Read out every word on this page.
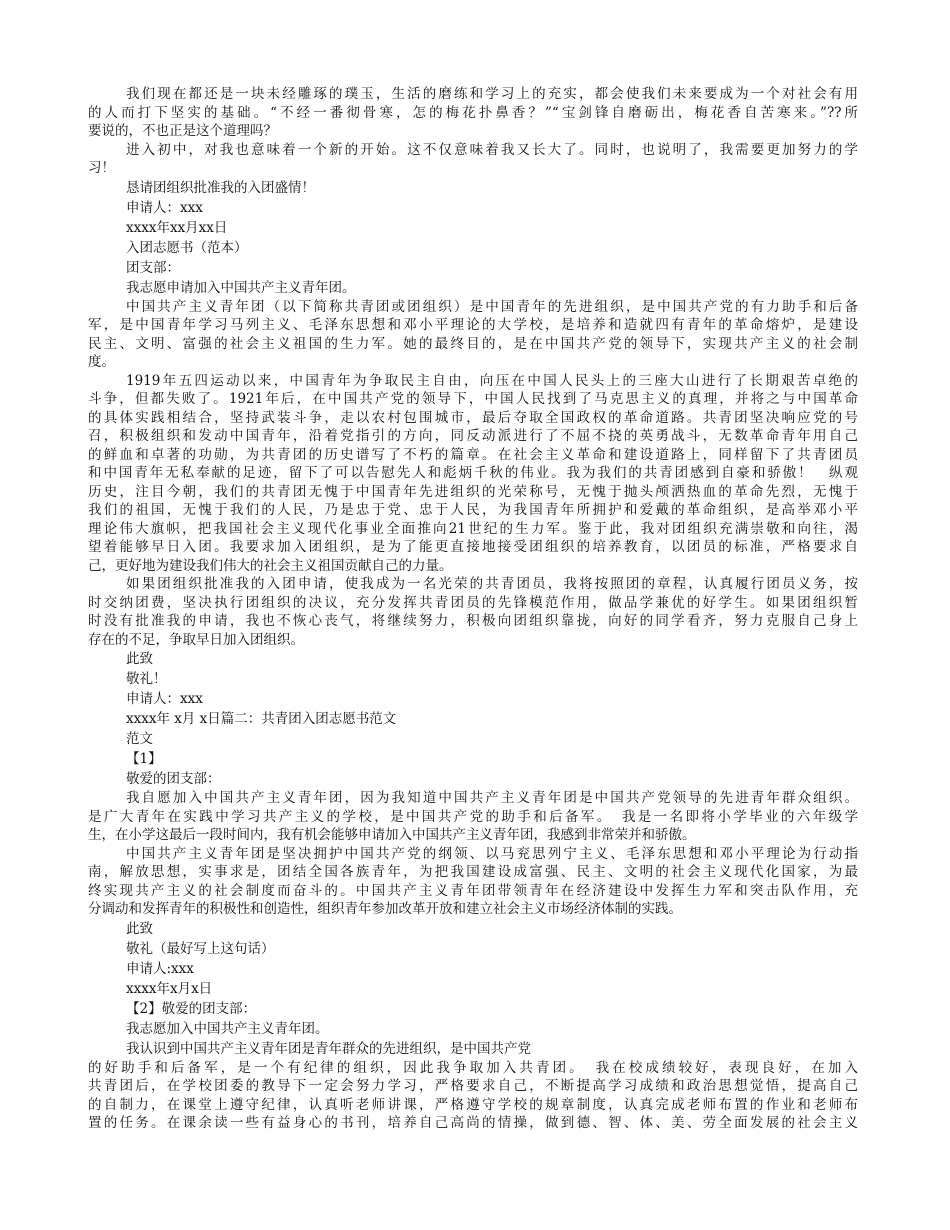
我们现在都还是一块未经雕琢的璞玉，生活的磨练和学习上的充实，都会使我们未来要成为一个对社会有用
的人而打下坚实的基础。“不经一番彻骨寒，怎的梅花扑鼻香？”“宝剑锋自磨砺出，梅花香自苦寒来。”??所
要说的，不也正是这个道理吗？
进入初中，对我也意味着一个新的开始。这不仅意味着我又长大了。同时，也说明了，我需要更加努力的学
习！
恳请团组织批准我的入团盛情！
申请人：xxx
xxxx年xx月xx日
入团志愿书（范本）
团支部：
我志愿申请加入中国共产主义青年团。
中国共产主义青年团（以下简称共青团或团组织）是中国青年的先进组织，是中国共产党的有力助手和后备
军，是中国青年学习马列主义、毛泽东思想和邓小平理论的大学校，是培养和造就四有青年的革命熔炉，是建设
民主、文明、富强的社会主义祖国的生力军。她的最终目的，是在中国共产党的领导下，实现共产主义的社会制
度。
1919年五四运动以来，中国青年为争取民主自由，向压在中国人民头上的三座大山进行了长期艰苦卓绝的
斗争，但都失败了。1921年后，在中国共产党的领导下，中国人民找到了马克思主义的真理，并将之与中国革命
的具体实践相结合，坚持武装斗争，走以农村包围城市，最后夺取全国政权的革命道路。共青团坚决响应党的号
召，积极组织和发动中国青年，沿着党指引的方向，同反动派进行了不屈不挠的英勇战斗，无数革命青年用自己
的鲜血和卓著的功勋，为共青团的历史谱写了不朽的篇章。在社会主义革命和建设道路上，同样留下了共青团员
和中国青年无私奉献的足迹，留下了可以告慰先人和彪炳千秋的伟业。我为我们的共青团感到自豪和骄傲！　纵观
历史，注目今朝，我们的共青团无愧于中国青年先进组织的光荣称号，无愧于抛头颅洒热血的革命先烈，无愧于
我们的祖国，无愧于我们的人民，乃是忠于党、忠于人民，为我国青年所拥护和爱戴的革命组织，是高举邓小平
理论伟大旗帜，把我国社会主义现代化事业全面推向21世纪的生力军。鉴于此，我对团组织充满崇敬和向往，渴
望着能够早日入团。我要求加入团组织，是为了能更直接地接受团组织的培养教育，以团员的标准，严格要求自
己，更好地为建设我们伟大的社会主义祖国贡献自己的力量。
如果团组织批准我的入团申请，使我成为一名光荣的共青团员，我将按照团的章程，认真履行团员义务，按
时交纳团费，坚决执行团组织的决议，充分发挥共青团员的先锋模范作用，做品学兼优的好学生。如果团组织暂
时没有批准我的申请，我也不恢心丧气，将继续努力，积极向团组织靠拢，向好的同学看齐，努力克服自己身上
存在的不足，争取早日加入团组织。
此致
敬礼！
申请人：xxx
xxxx年 x月 x日篇二：共青团入团志愿书范文
范文
【1】
敬爱的团支部：
我自愿加入中国共产主义青年团，因为我知道中国共产主义青年团是中国共产党领导的先进青年群众组织。
是广大青年在实践中学习共产主义的学校，是中国共产党的助手和后备军。　我是一名即将小学毕业的六年级学
生，在小学这最后一段时间内，我有机会能够申请加入中国共产主义青年团，我感到非常荣并和骄傲。
中国共产主义青年团是坚决拥护中国共产党的纲领、以马兖思列宁主义、毛泽东思想和邓小平理论为行动指
南，解放思想，实事求是，团结全国各族青年，为把我国建设成富强、民主、文明的社会主义现代化国家，为最
终实现共产主义的社会制度而奋斗的。中国共产主义青年团带领青年在经济建设中发挥生力军和突击队作用，充
分调动和发挥青年的积极性和创造性，组织青年参加改革开放和建立社会主义市场经济体制的实践。
此致
敬礼（最好写上这句话）
申请人:xxx
xxxx年x月x日
【2】敬爱的团支部：
我志愿加入中国共产主义青年团。
我认识到中国共产主义青年团是青年群众的先进组织，是中国共产党
的好助手和后备军，是一个有纪律的组织，因此我争取加入共青团。　我在校成绩较好，表现良好，在加入
共青团后，在学校团委的教导下一定会努力学习，严格要求自己，不断提高学习成绩和政治思想觉悟，提高自己
的自制力，在课堂上遵守纪律，认真听老师讲课，严格遵守学校的规章制度，认真完成老师布置的作业和老师布
置的任务。在课余读一些有益身心的书刊，培养自己高尚的情操，做到德、智、体、美、劳全面发展的社会主义
